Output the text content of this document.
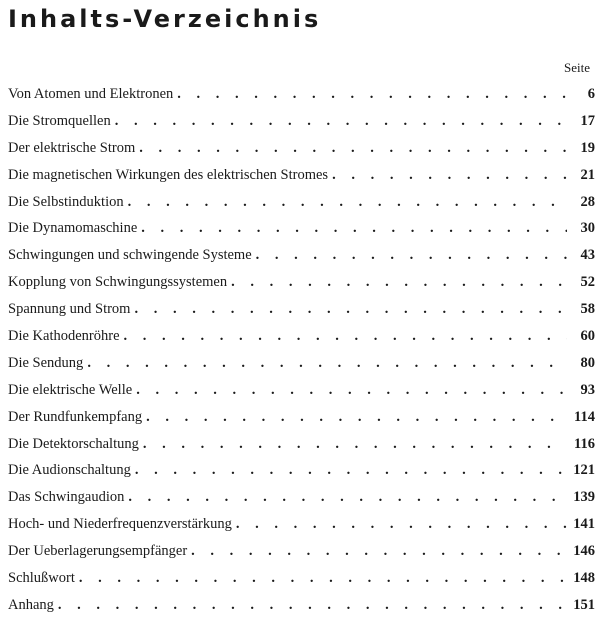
Inhalts-Verzeichnis
Seite
Von Atomen und Elektronen . . .	6
Die Stromquellen . . .	17
Der elektrische Strom . . .	19
Die magnetischen Wirkungen des elektrischen Stromes . . .	21
Die Selbstinduktion . . .	28
Die Dynamomaschine . . .	30
Schwingungen und schwingende Systeme . . .	43
Kopplung von Schwingungssystemen . . .	52
Spannung und Strom . . .	58
Die Kathodenröhre . . .	60
Die Sendung . . .	80
Die elektrische Welle . . .	93
Der Rundfunkempfang . . .	114
Die Detektorschaltung . . .	116
Die Audionschaltung . . .	121
Das Schwingaudion . . .	139
Hoch- und Niederfrequenzverstärkung . . .	141
Der Ueberlagerungsempfänger . . .	146
Schlußwort . . .	148
Anhang . . .	151
